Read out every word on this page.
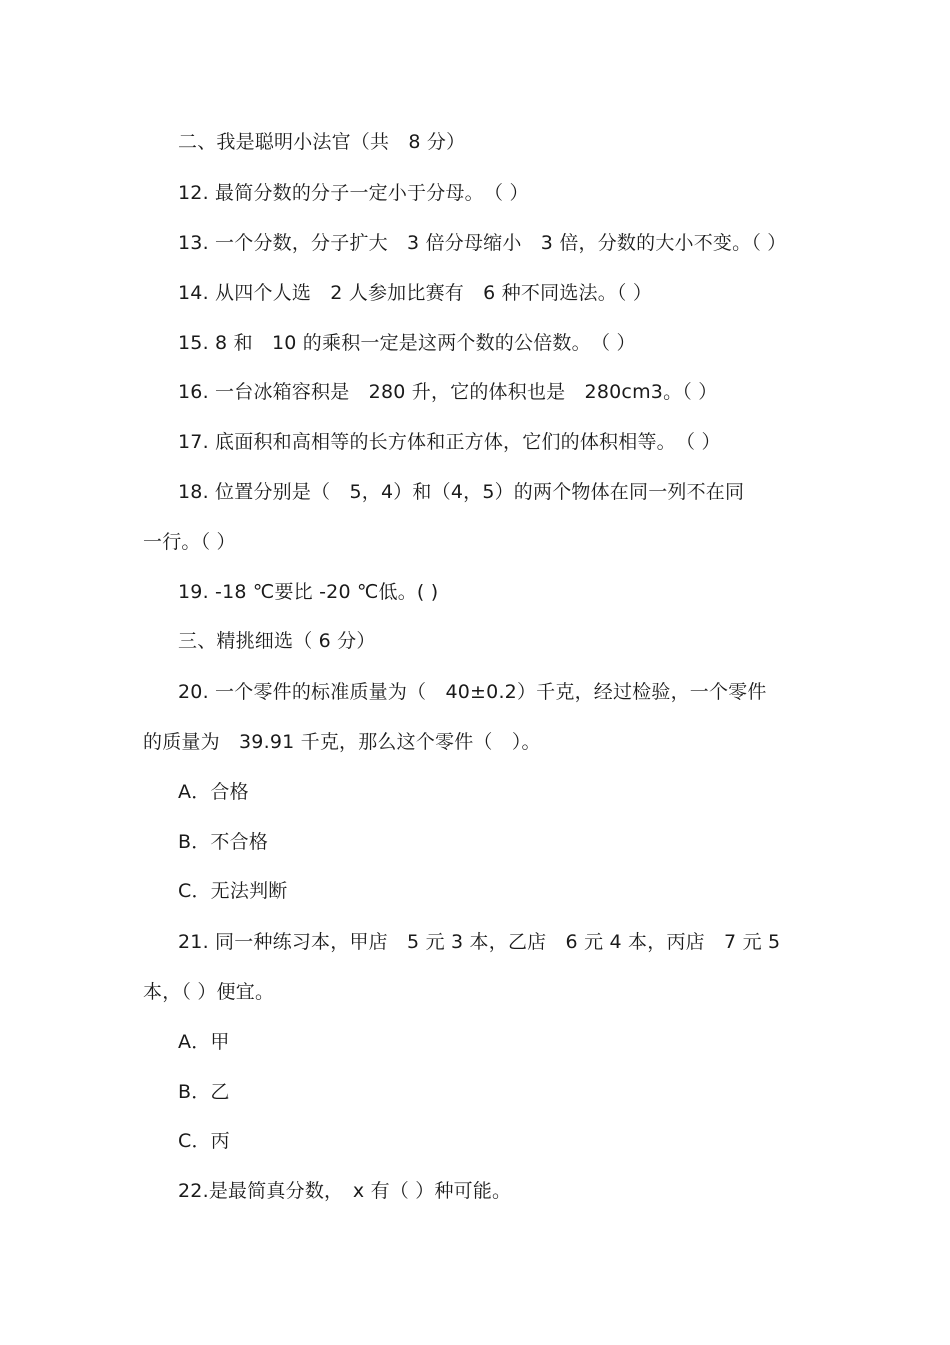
二、我是聪明小法官（共　8 分）
12. 最简分数的分子一定小于分母。　（ ）
13. 一个分数，分子扩大　3 倍分母缩小　3 倍，分数的大小不变。（ ）
14. 从四个人选　2 人参加比赛有　6 种不同选法。（ ）
15. 8 和　10 的乘积一定是这两个数的公倍数。　（ ）
16. 一台冰箱容积是　280 升，它的体积也是　280cm3。（ ）
17. 底面积和高相等的长方体和正方体，它们的体积相等。　（ ）
18. 位置分别是（　5，4）和（4，5）的两个物体在同一列不在同
一行。（ ）
19. -18 ℃要比 -20 ℃低。( )
三、精挑细选（ 6 分）
20. 一个零件的标准质量为（　40±0.2）千克，经过检验，一个零件
的质量为　39.91 千克，那么这个零件（　）。
A．合格
B．不合格
C．无法判断
21. 同一种练习本，甲店　5 元 3 本，乙店　6 元 4 本，丙店　7 元 5
本，（ ）便宜。
A．甲
B．乙
C．丙
22.是最简真分数，　x 有（ ）种可能。
